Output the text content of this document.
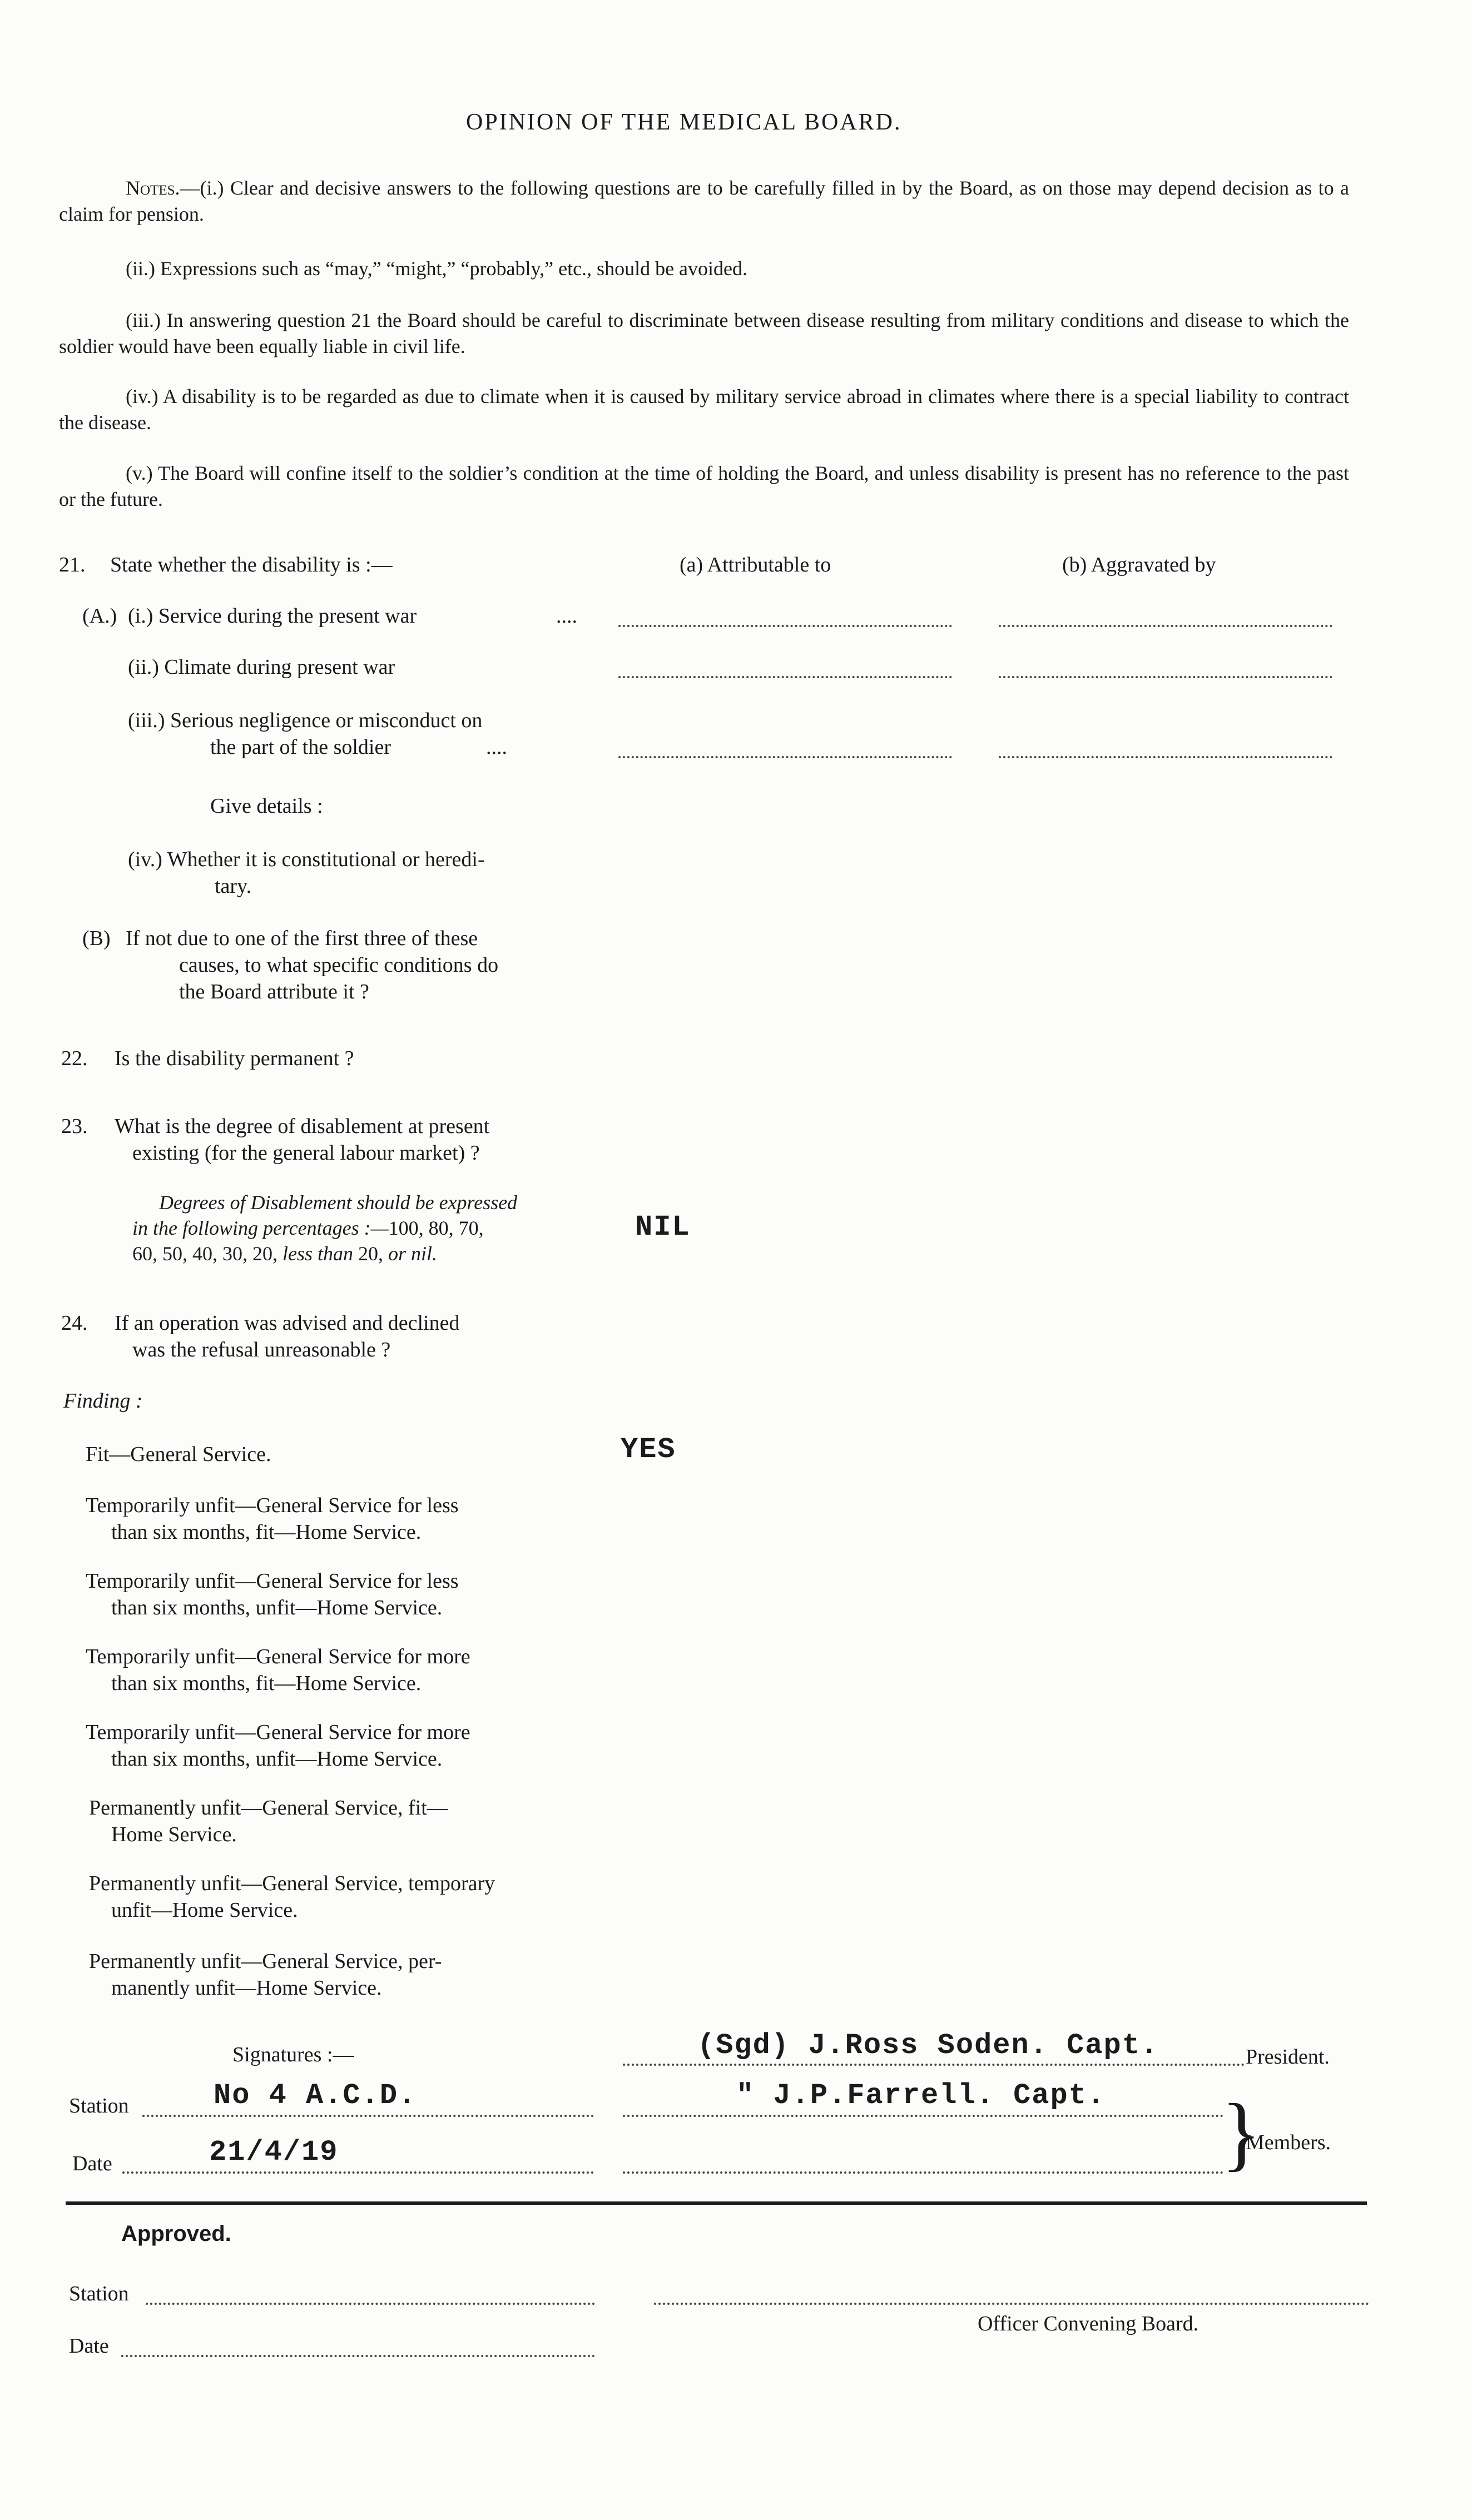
OPINION OF THE MEDICAL BOARD.
Notes.—(i.) Clear and decisive answers to the following questions are to be carefully filled in by the Board, as on those may depend decision as to a claim for pension.
(ii.) Expressions such as “may,” “might,” “probably,” etc., should be avoided.
(iii.) In answering question 21 the Board should be careful to discriminate between disease resulting from military conditions and disease to which the soldier would have been equally liable in civil life.
(iv.) A disability is to be regarded as due to climate when it is caused by military service abroad in climates where there is a special liability to contract the disease.
(v.) The Board will confine itself to the soldier’s condition at the time of holding the Board, and unless disability is present has no reference to the past or the future.
21. State whether the disability is :—	(a) Attributable to	(b) Aggravated by
(A.) (i.) Service during the present war	....
(ii.) Climate during present war
(iii.) Serious negligence or misconduct on
the part of the soldier	....
Give details :
(iv.) Whether it is constitutional or heredi-
tary.
(B) If not due to one of the first three of these
causes, to what specific conditions do
the Board attribute it ?
22. Is the disability permanent ?
23. What is the degree of disablement at present
existing (for the general labour market) ?
Degrees of Disablement should be expressed
in the following percentages :—100, 80, 70,
60, 50, 40, 30, 20, less than 20, or nil.
NIL
24. If an operation was advised and declined
was the refusal unreasonable ?
Finding :
Fit—General Service.	YES
Temporarily unfit—General Service for less
than six months, fit—Home Service.
Temporarily unfit—General Service for less
than six months, unfit—Home Service.
Temporarily unfit—General Service for more
than six months, fit—Home Service.
Temporarily unfit—General Service for more
than six months, unfit—Home Service.
Permanently unfit—General Service, fit—
Home Service.
Permanently unfit—General Service, temporary
unfit—Home Service.
Permanently unfit—General Service, per-
manently unfit—Home Service.
Signatures :—	(Sgd) J.Ross Soden. Capt.	President.
Station	No 4 A.C.D.	" J.P.Farrell. Capt.
Date	21/4/19	}
Members.
Approved.
Station
Officer Convening Board.
Date
